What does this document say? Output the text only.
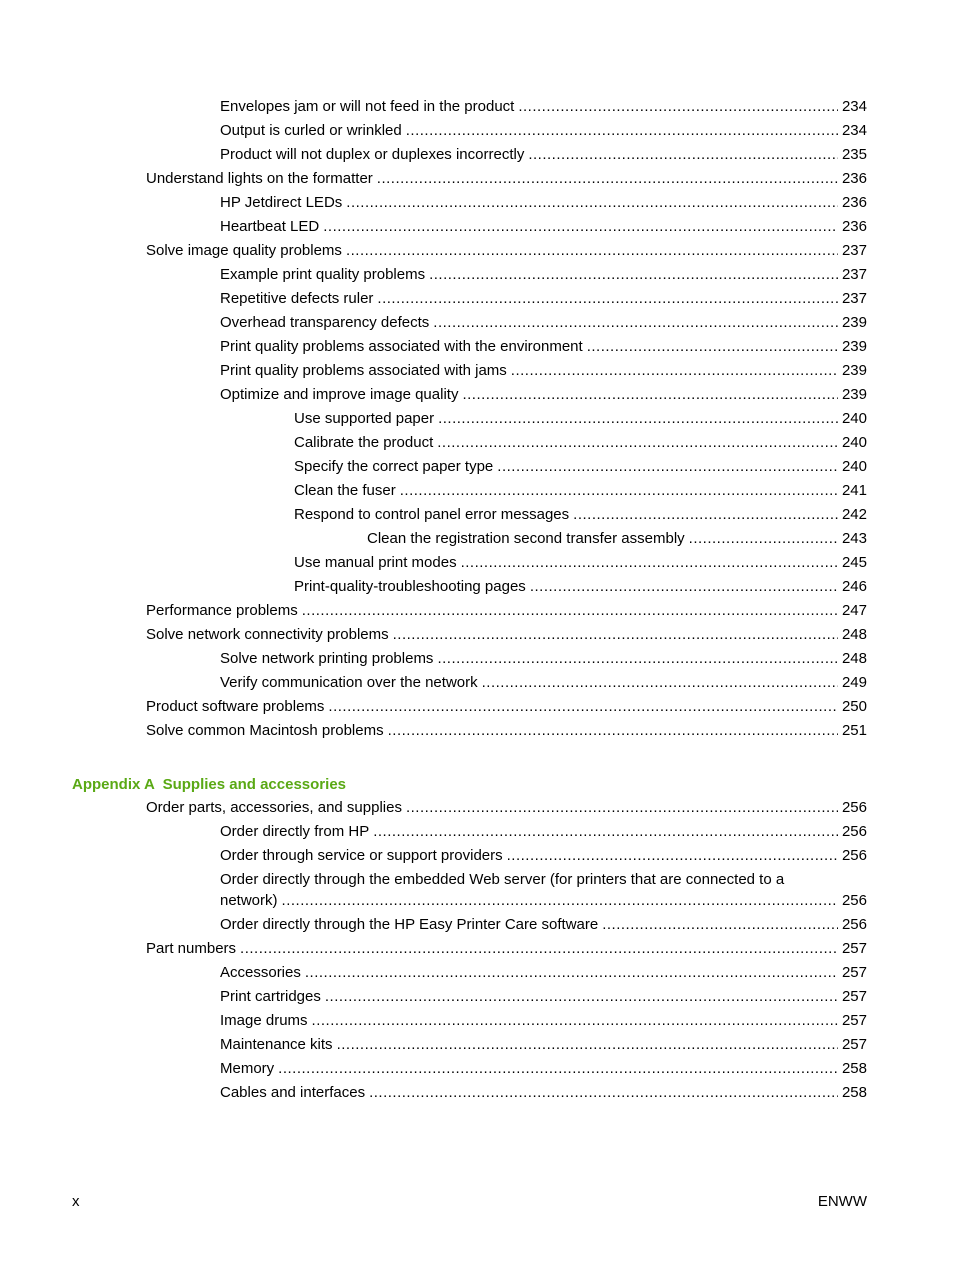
Envelopes jam or will not feed in the product .....	234
Output is curled or wrinkled .....	234
Product will not duplex or duplexes incorrectly .....	235
Understand lights on the formatter .....	236
HP Jetdirect LEDs .....	236
Heartbeat LED .....	236
Solve image quality problems .....	237
Example print quality problems .....	237
Repetitive defects ruler .....	237
Overhead transparency defects .....	239
Print quality problems associated with the environment .....	239
Print quality problems associated with jams .....	239
Optimize and improve image quality .....	239
Use supported paper .....	240
Calibrate the product .....	240
Specify the correct paper type .....	240
Clean the fuser .....	241
Respond to control panel error messages .....	242
Clean the registration second transfer assembly .....	243
Use manual print modes .....	245
Print-quality-troubleshooting pages .....	246
Performance problems .....	247
Solve network connectivity problems .....	248
Solve network printing problems .....	248
Verify communication over the network .....	249
Product software problems .....	250
Solve common Macintosh problems .....	251
Appendix A Supplies and accessories
Order parts, accessories, and supplies .....	256
Order directly from HP .....	256
Order through service or support providers .....	256
Order directly through the embedded Web server (for printers that are connected to a
network) .....	256
Order directly through the HP Easy Printer Care software .....	256
Part numbers .....	257
Accessories .....	257
Print cartridges .....	257
Image drums .....	257
Maintenance kits .....	257
Memory .....	258
Cables and interfaces .....	258
x	ENWW
